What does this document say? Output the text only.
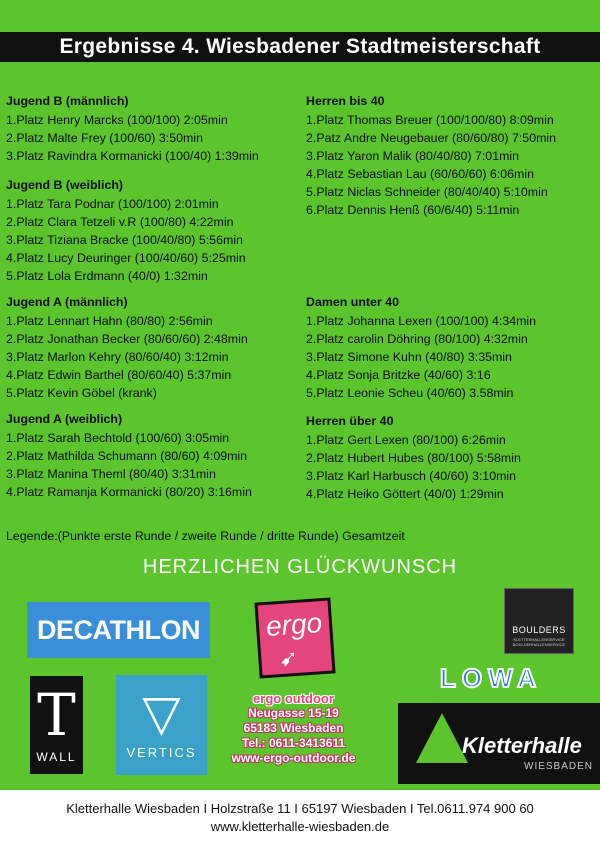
Ergebnisse 4. Wiesbadener Stadtmeisterschaft
Jugend B (männlich)
1.Platz Henry Marcks (100/100) 2:05min
2.Platz Malte Frey (100/60) 3:50min
3.Platz Ravindra Kormanicki (100/40) 1:39min
Jugend B (weiblich)
1.Platz Tara Podnar (100/100) 2:01min
2.Platz Clara Tetzeli v.R (100/80) 4:22min
3.Platz Tiziana Bracke (100/40/80) 5:56min
4.Platz Lucy Deuringer (100/40/60) 5:25min
5.Platz Lola Erdmann (40/0) 1:32min
Jugend A (männlich)
1.Platz Lennart Hahn (80/80) 2:56min
2.Platz Jonathan Becker (80/60/60) 2:48min
3.Platz Marlon Kehry (80/60/40) 3:12min
4.Platz Edwin Barthel (80/60/40) 5:37min
5.Platz Kevin Göbel (krank)
Jugend A (weiblich)
1.Platz Sarah Bechtold (100/60) 3:05min
2.Platz Mathilda Schumann (80/60) 4:09min
3.Platz Manina Theml (80/40) 3:31min
4.Platz Ramanja Kormanicki (80/20) 3:16min
Herren bis 40
1.Platz Thomas Breuer (100/100/80) 8:09min
2.Patz Andre Neugebauer (80/60/80) 7:50min
3.Platz Yaron Malik (80/40/80) 7:01min
4.Platz Sebastian Lau (60/60/60) 6:06min
5.Platz Niclas Schneider (80/40/40) 5:10min
6.Platz Dennis Henß (60/6/40) 5:11min
Damen unter 40
1.Platz Johanna Lexen (100/100) 4:34min
2.Platz carolin Döhring (80/100) 4:32min
3.Platz Simone Kuhn (40/80) 3:35min
4.Platz Sonja Britzke (40/60) 3:16
5.Platz Leonie Scheu (40/60) 3.58min
Herren über 40
1.Platz Gert Lexen (80/100) 6:26min
2.Platz Hubert Hubes (80/100) 5:58min
3.Platz Karl Harbusch (40/60) 3:10min
4.Platz Heiko Göttert (40/0) 1:29min
Legende:(Punkte erste Runde / zweite Runde / dritte Runde) Gesamtzeit
HERZLICHEN GLÜCKWUNSCH
DECATHLON	ergo
➹
BOULDERS
KLETTERHALLENSERVICE BOULDERHALLENSERVICE
LOWA
T
WALL
▽
VERTICS
ergo outdoor
Neugasse 15-19
65183 Wiesbaden
Tel.: 0611-3413611
www-ergo-outdoor.de	Kletterhalle
WIESBADEN
Kletterhalle Wiesbaden I Holzstraße 11 I 65197 Wiesbaden I Tel.0611.974 900 60
www.kletterhalle-wiesbaden.de
